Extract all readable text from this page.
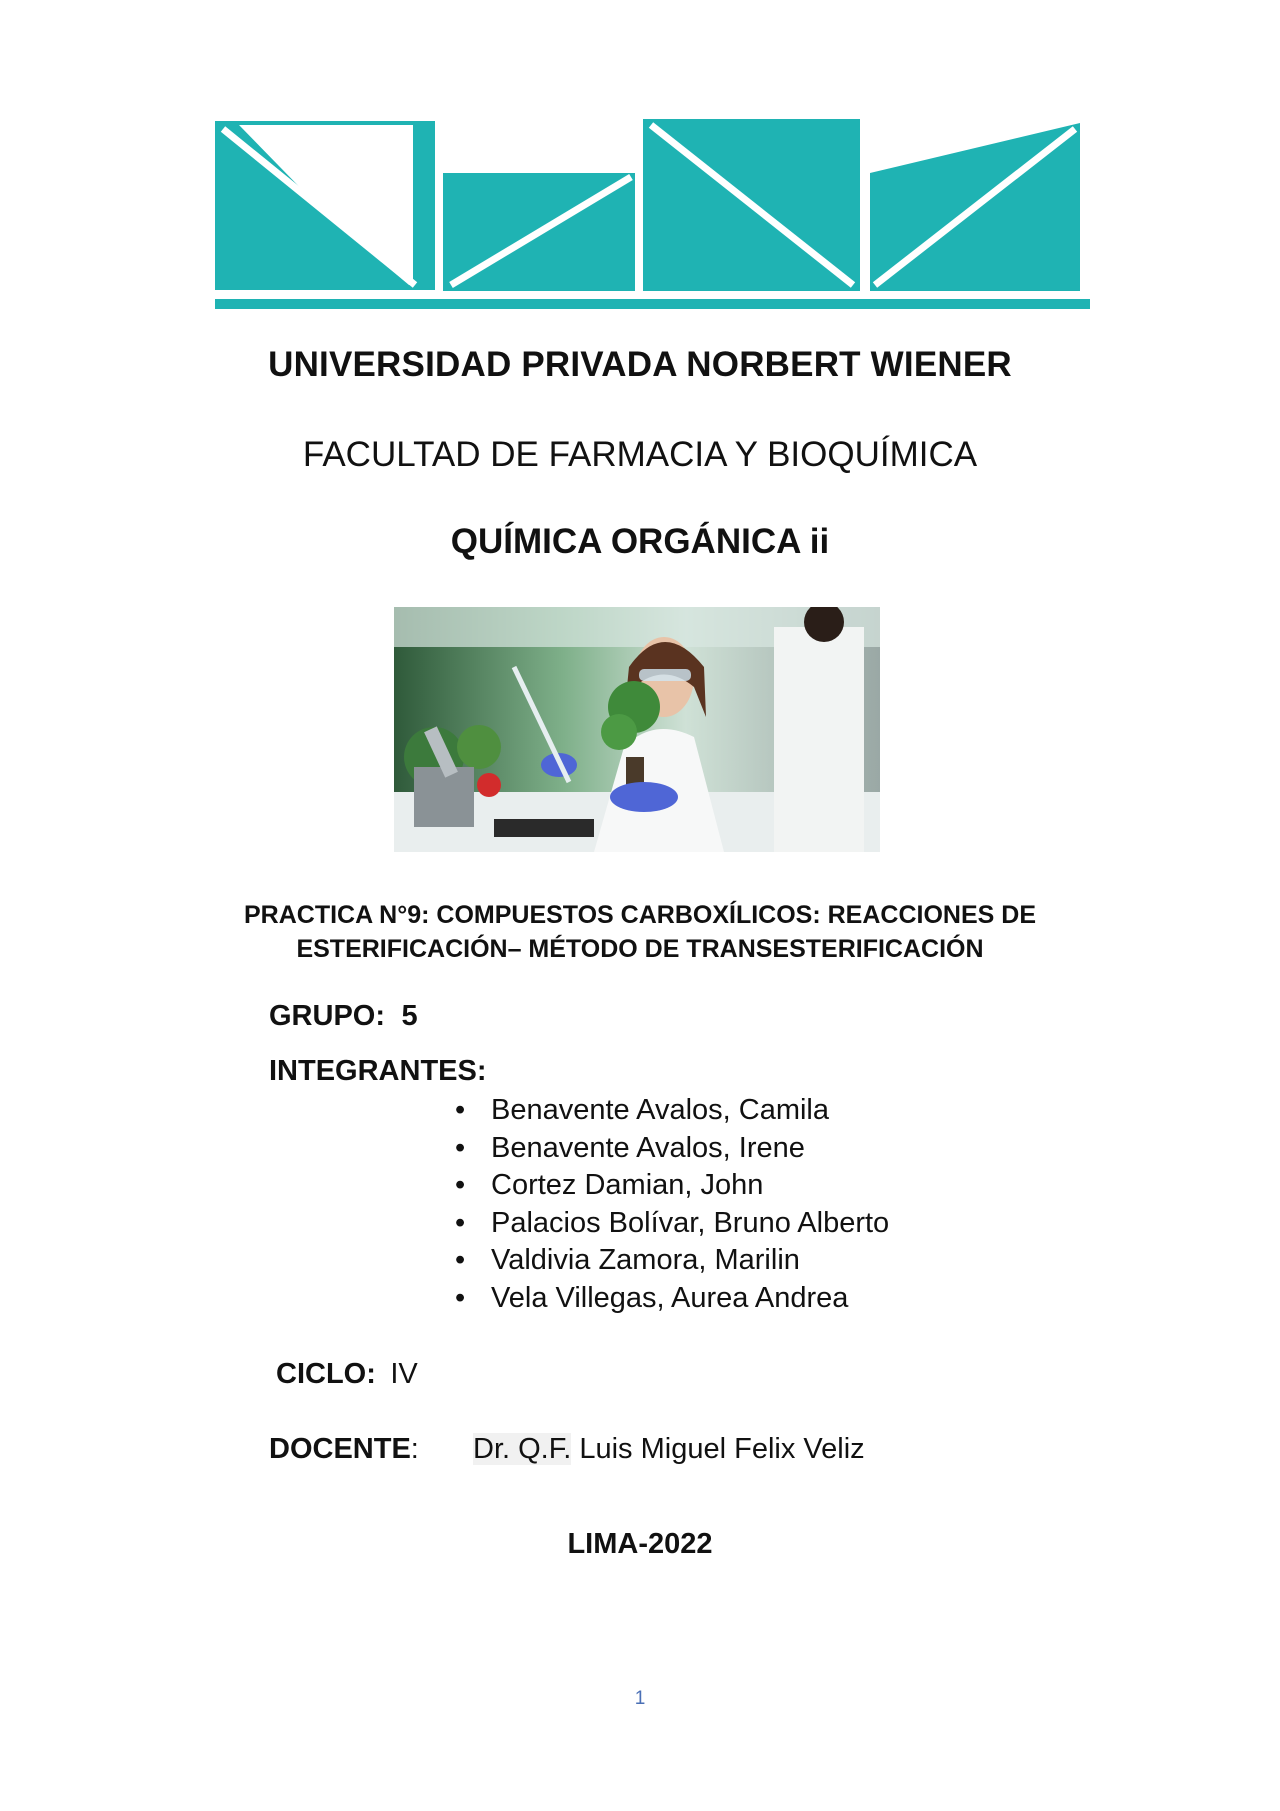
UNIVERSIDAD PRIVADA NORBERT WIENER
FACULTAD DE FARMACIA Y BIOQUÍMICA
QUÍMICA ORGÁNICA ii
PRACTICA N°9: COMPUESTOS CARBOXÍLICOS: REACCIONES DE
ESTERIFICACIÓN– MÉTODO DE TRANSESTERIFICACIÓN
GRUPO: 5
INTEGRANTES:
• Benavente Avalos, Camila
• Benavente Avalos, Irene
• Cortez Damian, John
• Palacios Bolívar, Bruno Alberto
• Valdivia Zamora, Marilin
• Vela Villegas, Aurea Andrea
CICLO: IV
DOCENTE: Dr. Q.F. Luis Miguel Felix Veliz
LIMA-2022
1
